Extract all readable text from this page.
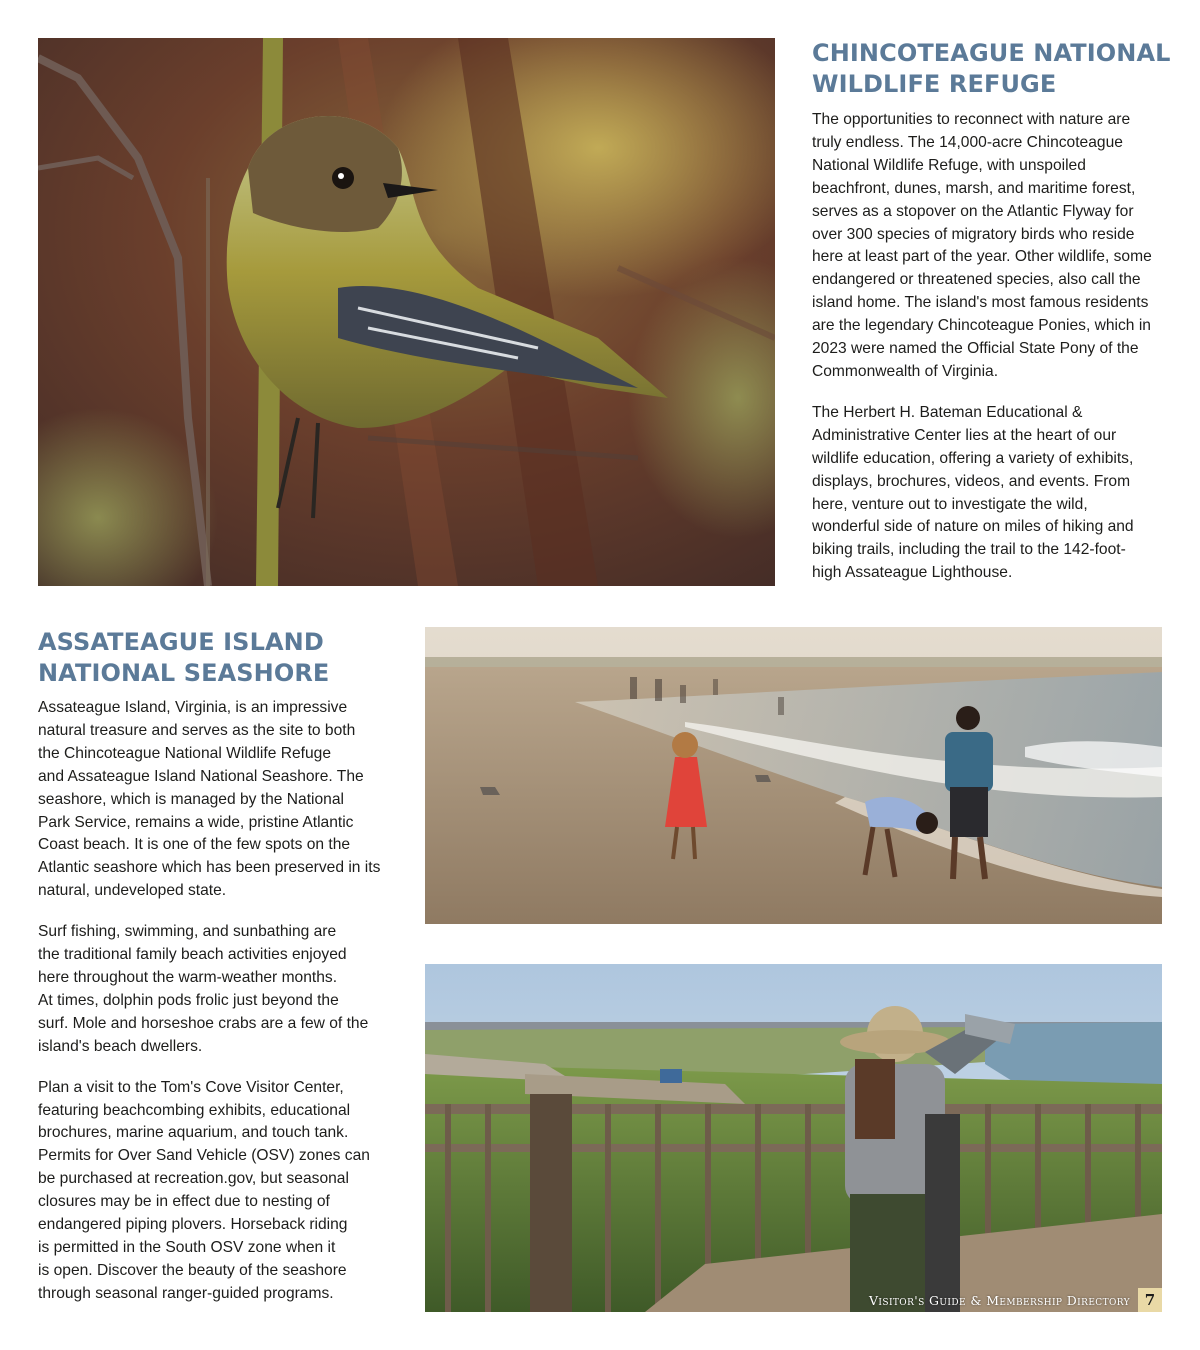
CHINCOTEAGUE NATIONAL
WILDLIFE REFUGE

The opportunities to reconnect with nature are
truly endless. The 14,000-acre Chincoteague
National Wildlife Refuge, with unspoiled
beachfront, dunes, marsh, and maritime forest,
serves as a stopover on the Atlantic Flyway for
over 300 species of migratory birds who reside
here at least part of the year. Other wildlife, some
endangered or threatened species, also call the
island home. The island's most famous residents
are the legendary Chincoteague Ponies, which in
2023 were named the Official State Pony of the
Commonwealth of Virginia.

The Herbert H. Bateman Educational &
Administrative Center lies at the heart of our
wildlife education, offering a variety of exhibits,
displays, brochures, videos, and events. From
here, venture out to investigate the wild,
wonderful side of nature on miles of hiking and
biking trails, including the trail to the 142-foot-
high Assateague Lighthouse.

ASSATEAGUE ISLAND
NATIONAL SEASHORE

Assateague Island, Virginia, is an impressive
natural treasure and serves as the site to both
the Chincoteague National Wildlife Refuge
and Assateague Island National Seashore. The
seashore, which is managed by the National
Park Service, remains a wide, pristine Atlantic
Coast beach. It is one of the few spots on the
Atlantic seashore which has been preserved in its
natural, undeveloped state.

Surf fishing, swimming, and sunbathing are
the traditional family beach activities enjoyed
here throughout the warm-weather months.
At times, dolphin pods frolic just beyond the
surf. Mole and horseshoe crabs are a few of the
island's beach dwellers.

Plan a visit to the Tom's Cove Visitor Center,
featuring beachcombing exhibits, educational
brochures, marine aquarium, and touch tank.
Permits for Over Sand Vehicle (OSV) zones can
be purchased at recreation.gov, but seasonal
closures may be in effect due to nesting of
endangered piping plovers. Horseback riding
is permitted in the South OSV zone when it
is open. Discover the beauty of the seashore
through seasonal ranger-guided programs.	Visitor's Guide & Membership Directory 7
